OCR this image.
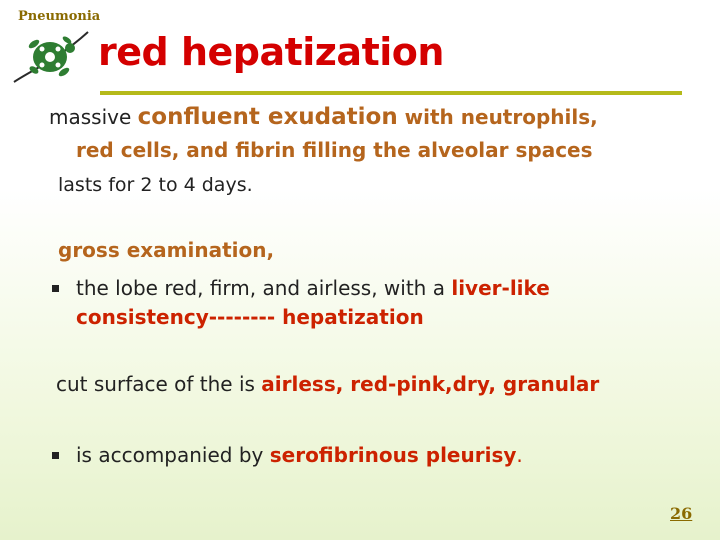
Pneumonia
red hepatization
massive confluent exudation with neutrophils,
red cells, and fibrin filling the alveolar spaces
lasts for 2 to 4 days.
gross examination,
the lobe red, firm, and airless, with a liver-like
consistency-------- hepatization
cut surface of the is airless, red-pink,dry, granular
is accompanied by serofibrinous pleurisy.
26
